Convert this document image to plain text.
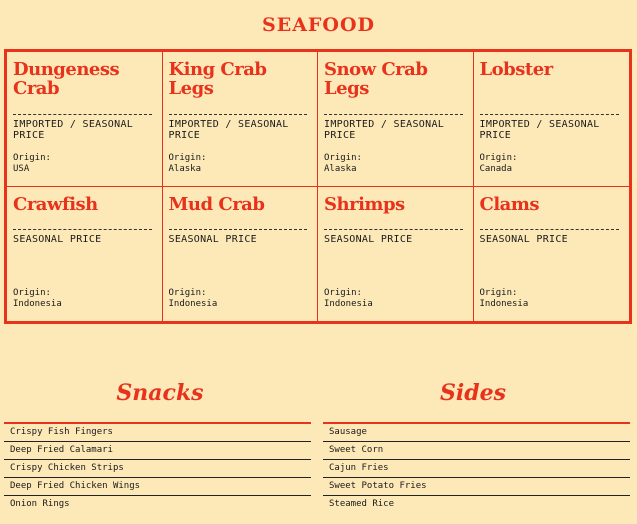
SEAFOOD
Dungeness Crab
IMPORTED / SEASONAL PRICE
Origin:
USA
King Crab Legs
IMPORTED / SEASONAL PRICE
Origin:
Alaska
Snow Crab Legs
IMPORTED / SEASONAL PRICE
Origin:
Alaska
Lobster
IMPORTED / SEASONAL PRICE
Origin:
Canada
Crawfish
SEASONAL PRICE
Origin:
Indonesia
Mud Crab
SEASONAL PRICE
Origin:
Indonesia
Shrimps
SEASONAL PRICE
Origin:
Indonesia
Clams
SEASONAL PRICE
Origin:
Indonesia
Snacks
Crispy Fish Fingers
Deep Fried Calamari
Crispy Chicken Strips
Deep Fried Chicken Wings
Onion Rings
Sides
Sausage
Sweet Corn
Cajun Fries
Sweet Potato Fries
Steamed Rice
